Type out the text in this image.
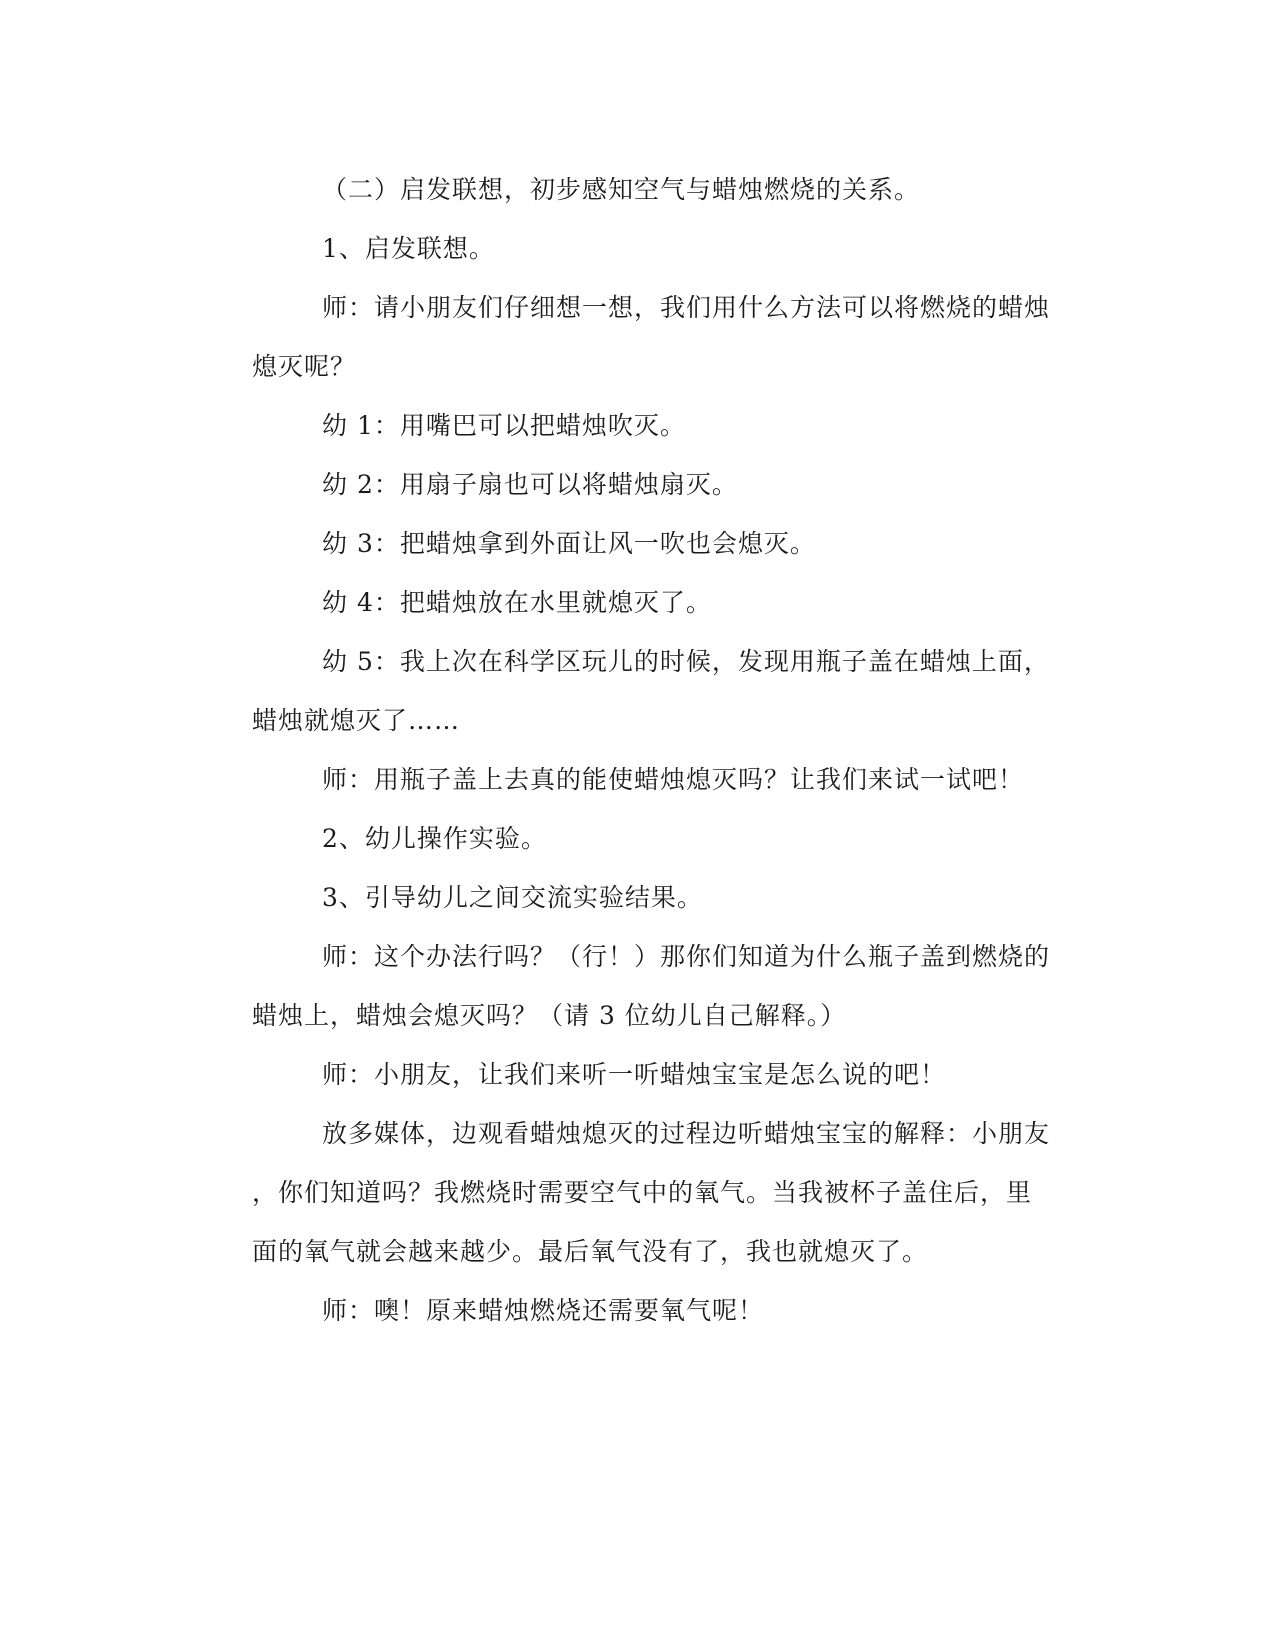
（二）启发联想，初步感知空气与蜡烛燃烧的关系。
1、启发联想。
师：请小朋友们仔细想一想，我们用什么方法可以将燃烧的蜡烛
熄灭呢？
幼 1：用嘴巴可以把蜡烛吹灭。
幼 2：用扇子扇也可以将蜡烛扇灭。
幼 3：把蜡烛拿到外面让风一吹也会熄灭。
幼 4：把蜡烛放在水里就熄灭了。
幼 5：我上次在科学区玩儿的时候，发现用瓶子盖在蜡烛上面，
蜡烛就熄灭了……
师：用瓶子盖上去真的能使蜡烛熄灭吗？让我们来试一试吧！
2、幼儿操作实验。
3、引导幼儿之间交流实验结果。
师：这个办法行吗？（行！）那你们知道为什么瓶子盖到燃烧的
蜡烛上，蜡烛会熄灭吗？（请 3 位幼儿自己解释。）
师：小朋友，让我们来听一听蜡烛宝宝是怎么说的吧！
放多媒体，边观看蜡烛熄灭的过程边听蜡烛宝宝的解释：小朋友
，你们知道吗？我燃烧时需要空气中的氧气。当我被杯子盖住后，里
面的氧气就会越来越少。最后氧气没有了，我也就熄灭了。
师：噢！原来蜡烛燃烧还需要氧气呢！
